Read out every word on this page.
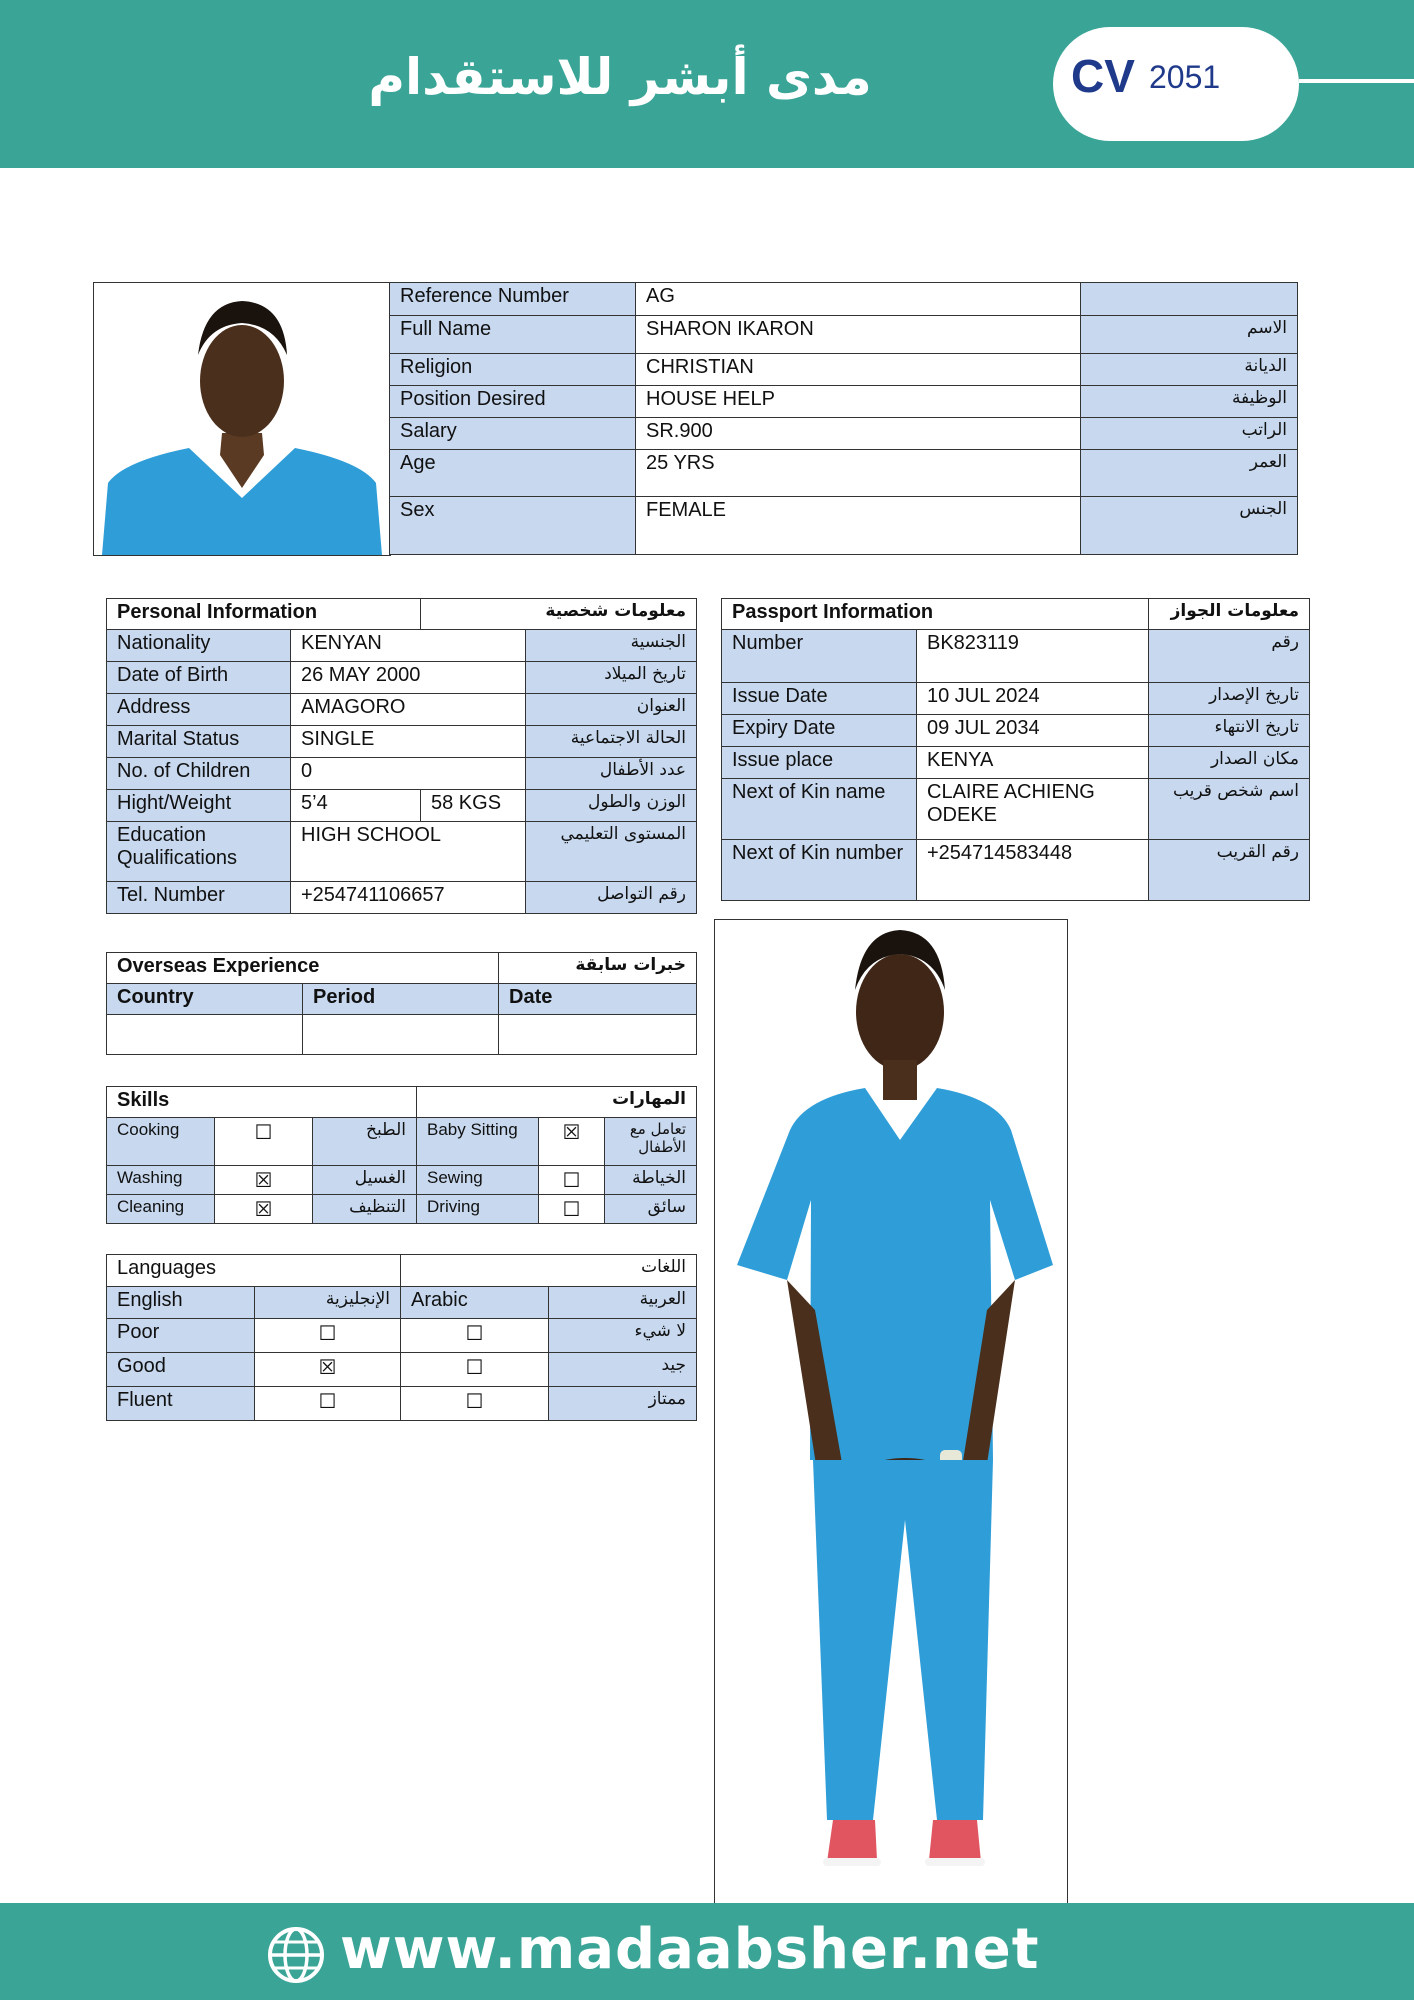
مدى أبشر للاستقدام	CV 2051
Reference Number	AG	
Full Name	SHARON IKARON	الاسم
Religion	CHRISTIAN	الديانة
Position Desired	HOUSE HELP	الوظيفة
Salary	SR.900	الراتب
Age	25 YRS	العمر
Sex	FEMALE	الجنس
Personal Information		معلومات شخصية	
Nationality	KENYAN		الجنسية
Date of Birth	26 MAY 2000		تاريخ الميلاد
Address	AMAGORO		العنوان
Marital Status	SINGLE		الحالة الاجتماعية
No. of Children	0		عدد الأطفال
Hight/Weight	5’4	58 KGS	الوزن والطول
Education Qualifications	HIGH SCHOOL		المستوى التعليمي
Tel. Number	+254741106657		رقم التواصل
Passport Information		معلومات الجواز
Number	BK823119	رقم
Issue Date	10 JUL 2024	تاريخ الإصدار
Expiry Date	09 JUL 2034	تاريخ الانتهاء
Issue place	KENYA	مكان الصدار
Next of Kin name	CLAIRE ACHIENG ODEKE	اسم شخص قريب
Next of Kin number	+254714583448	رقم القريب
Overseas Experience		خبرات سابقة
Country	Period	Date

Skills			المهارات		
Cooking	☐	الطبخ	Baby Sitting	☒	تعامل مع الأطفال
Washing	☒	الغسيل	Sewing	☐	الخياطة
Cleaning	☒	التنظيف	Driving	☐	سائق
Languages		اللغات	
English	الإنجليزية	Arabic	العربية
Poor	☐	☐	لا شيء
Good	☒	☐	جيد
Fluent	☐	☐	ممتاز
www.madaabsher.net
